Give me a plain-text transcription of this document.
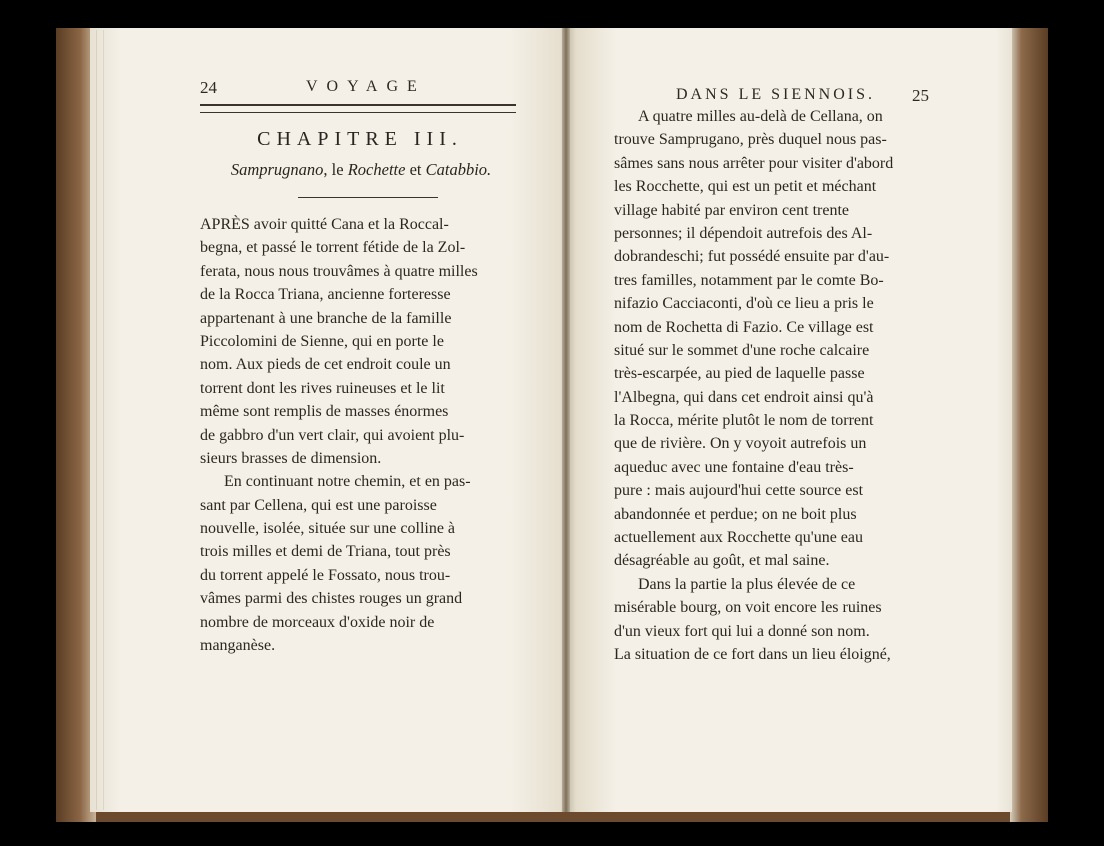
24	VOYAGE
CHAPITRE III.
Samprugnano, le Rochette et Catabbio.
APRÈS avoir quitté Cana et la Roccal-
begna, et passé le torrent fétide de la Zol-
ferata, nous nous trouvâmes à quatre milles
de la Rocca Triana, ancienne forteresse
appartenant à une branche de la famille
Piccolomini de Sienne, qui en porte le
nom. Aux pieds de cet endroit coule un
torrent dont les rives ruineuses et le lit
même sont remplis de masses énormes
de gabbro d'un vert clair, qui avoient plu-
sieurs brasses de dimension.
En continuant notre chemin, et en pas-
sant par Cellena, qui est une paroisse
nouvelle, isolée, située sur une colline à
trois milles et demi de Triana, tout près
du torrent appelé le Fossato, nous trou-
vâmes parmi des chistes rouges un grand
nombre de morceaux d'oxide noir de
manganèse.
DANS LE SIENNOIS. 25
A quatre milles au-delà de Cellana, on
trouve Samprugano, près duquel nous pas-
sâmes sans nous arrêter pour visiter d'abord
les Rocchette, qui est un petit et méchant
village habité par environ cent trente
personnes; il dépendoit autrefois des Al-
dobrandeschi; fut possédé ensuite par d'au-
tres familles, notamment par le comte Bo-
nifazio Cacciaconti, d'où ce lieu a pris le
nom de Rochetta di Fazio. Ce village est
situé sur le sommet d'une roche calcaire
très-escarpée, au pied de laquelle passe
l'Albegna, qui dans cet endroit ainsi qu'à
la Rocca, mérite plutôt le nom de torrent
que de rivière. On y voyoit autrefois un
aqueduc avec une fontaine d'eau très-
pure : mais aujourd'hui cette source est
abandonnée et perdue; on ne boit plus
actuellement aux Rocchette qu'une eau
désagréable au goût, et mal saine.
Dans la partie la plus élevée de ce
misérable bourg, on voit encore les ruines
d'un vieux fort qui lui a donné son nom.
La situation de ce fort dans un lieu éloigné,
